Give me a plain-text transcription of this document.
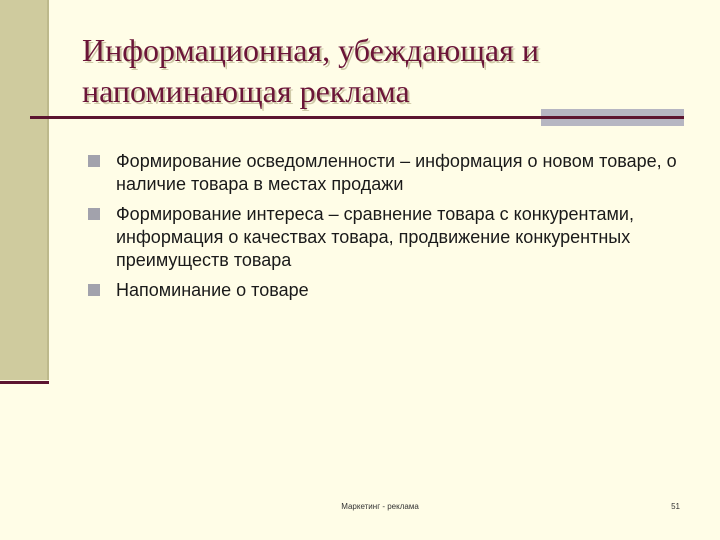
Информационная, убеждающая и напоминающая реклама
Формирование осведомленности – информация о новом товаре, о наличие товара в местах продажи
Формирование интереса – сравнение товара с конкурентами, информация о качествах товара, продвижение конкурентных преимуществ товара
Напоминание о товаре
Маркетинг - реклама	51
